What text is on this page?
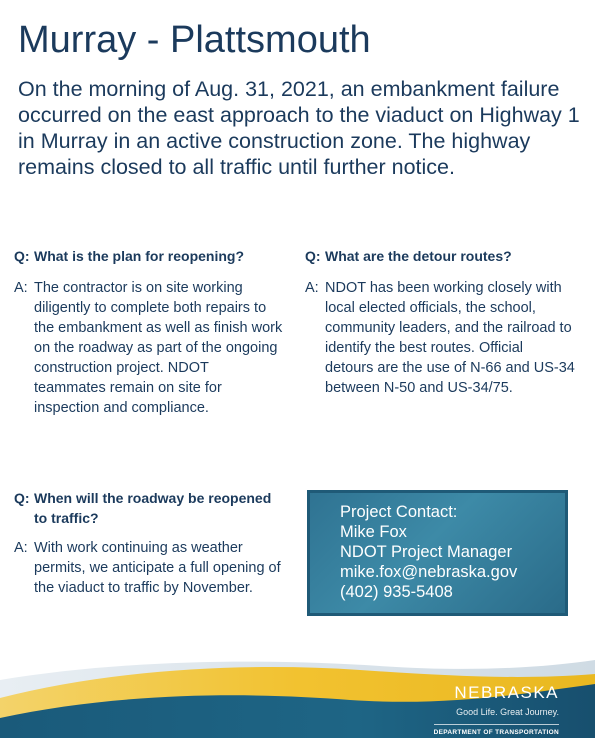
Murray - Plattsmouth

On the morning of Aug. 31, 2021, an embankment failure occurred on the east approach to the viaduct on Highway 1 in Murray in an active construction zone. The highway remains closed to all traffic until further notice.

Q: What is the plan for reopening?
A: The contractor is on site working diligently to complete both repairs to the embankment as well as finish work on the roadway as part of the ongoing construction project. NDOT teammates remain on site for inspection and compliance.
Q: What are the detour routes?
A: NDOT has been working closely with local elected officials, the school, community leaders, and the railroad to identify the best routes. Official detours are the use of N-66 and US-34 between N-50 and US-34/75.
Q: When will the roadway be reopened to traffic?
A: With work continuing as weather permits, we anticipate a full opening of the viaduct to traffic by November.
Project Contact:
Mike Fox
NDOT Project Manager
mike.fox@nebraska.gov
(402) 935-5408
NEBRASKA
Good Life. Great Journey.
DEPARTMENT OF TRANSPORTATION
